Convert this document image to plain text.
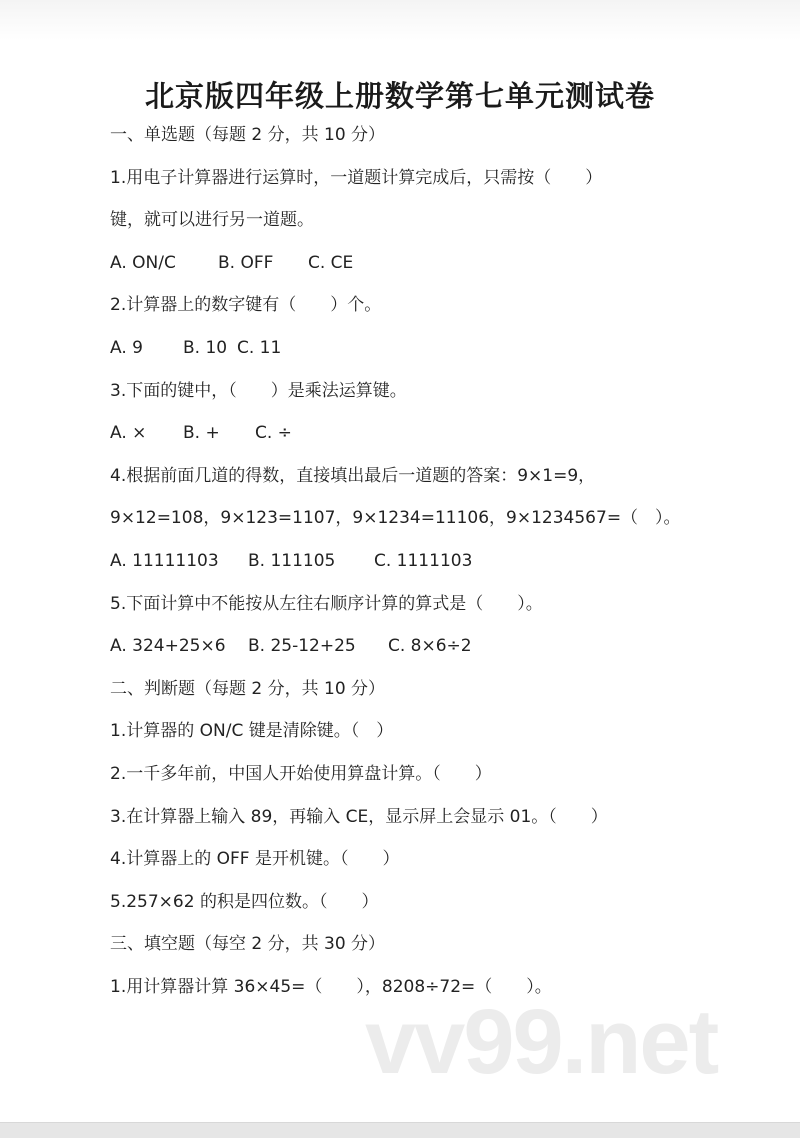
北京版四年级上册数学第七单元测试卷
一、单选题（每题 2 分，共 10 分）
1.用电子计算器进行运算时，一道题计算完成后，只需按（　　）
键，就可以进行另一道题。
A. ON/C B. OFF C. CE
2.计算器上的数字键有（　　）个。
A. 9 B. 10 C. 11
3.下面的键中，（　　）是乘法运算键。
A. × B. + C. ÷
4.根据前面几道的得数，直接填出最后一道题的答案：9×1=9，
9×12=108，9×123=1107，9×1234=11106，9×1234567=（　）。
A. 11111103 B. 111105 C. 1111103
5.下面计算中不能按从左往右顺序计算的算式是（　　）。
A. 324+25×6 B. 25-12+25 C. 8×6÷2
二、判断题（每题 2 分，共 10 分）
1.计算器的 ON/C 键是清除键。（　）
2.一千多年前，中国人开始使用算盘计算。（　　）
3.在计算器上输入 89，再输入 CE，显示屏上会显示 01。（　　）
4.计算器上的 OFF 是开机键。（　　）
5.257×62 的积是四位数。（　　）
三、填空题（每空 2 分，共 30 分）
1.用计算器计算 36×45=（　　），8208÷72=（　　）。
vv99.net
